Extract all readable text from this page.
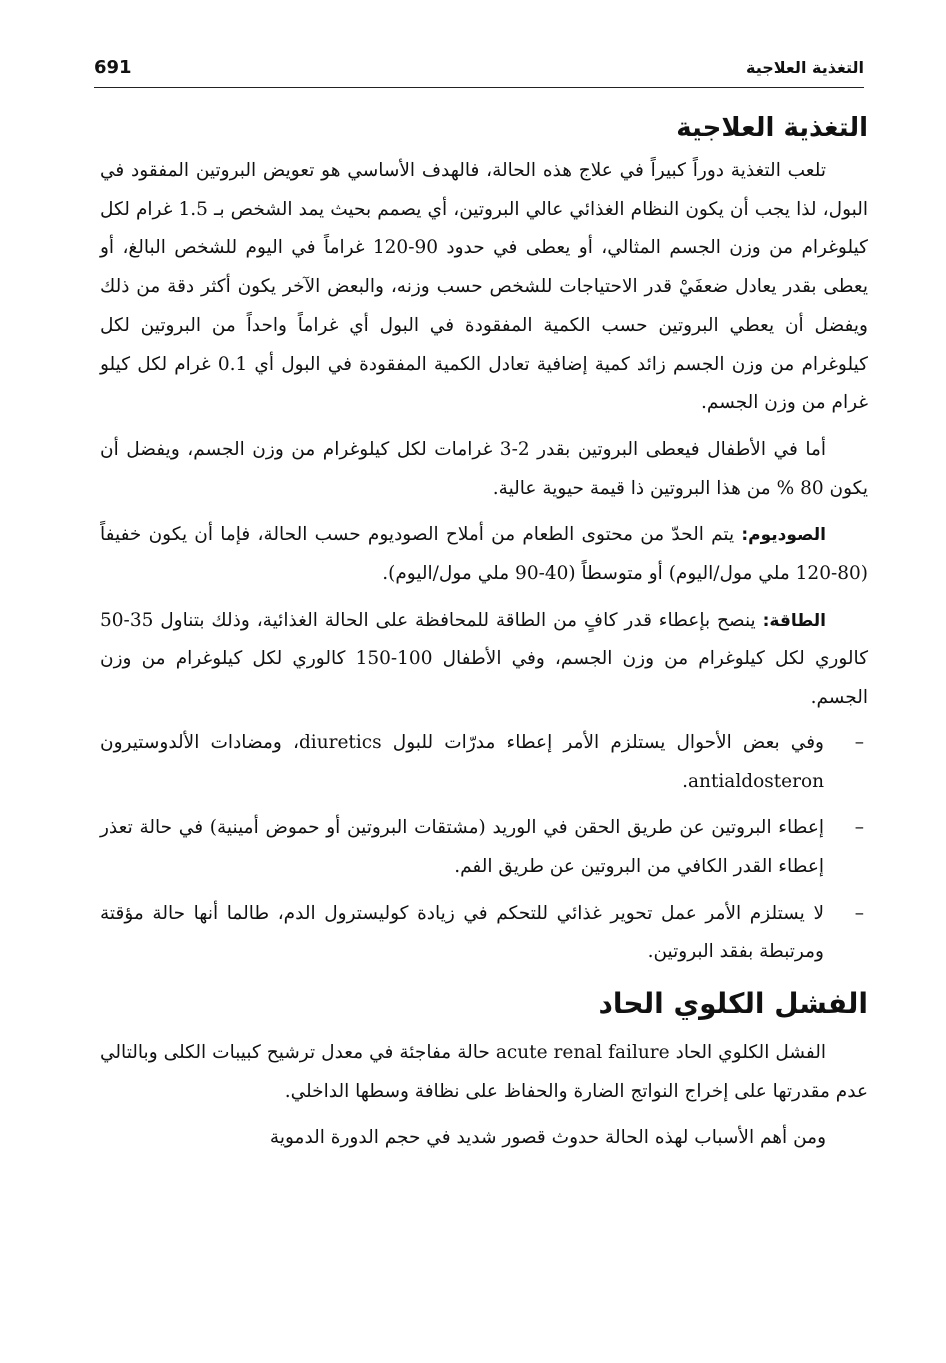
التغذية العلاجية
691
التغذية العلاجية

تلعب التغذية دوراً كبيراً في علاج هذه الحالة، فالهدف الأساسي هو تعويض البروتين المفقود في البول، لذا يجب أن يكون النظام الغذائي عالي البروتين، أي يصمم بحيث يمد الشخص بـ 1.5 غرام لكل كيلوغرام من وزن الجسم المثالي، أو يعطى في حدود 90-120 غراماً في اليوم للشخص البالغ، أو يعطى بقدر يعادل ضعفَيْ قدر الاحتياجات للشخص حسب وزنه، والبعض الآخر يكون أكثر دقة من ذلك ويفضل أن يعطي البروتين حسب الكمية المفقودة في البول أي غراماً واحداً من البروتين لكل كيلوغرام من وزن الجسم زائد كمية إضافية تعادل الكمية المفقودة في البول أي 0.1 غرام لكل كيلو غرام من وزن الجسم.

أما في الأطفال فيعطى البروتين بقدر 2-3 غرامات لكل كيلوغرام من وزن الجسم، ويفضل أن يكون 80 % من هذا البروتين ذا قيمة حيوية عالية.

الصوديوم: يتم الحدّ من محتوى الطعام من أملاح الصوديوم حسب الحالة، فإما أن يكون خفيفاً (80-120 ملي مول/اليوم) أو متوسطاً (40-90 ملي مول/اليوم).

الطاقة: ينصح بإعطاء قدر كافٍ من الطاقة للمحافظة على الحالة الغذائية، وذلك بتناول 35-50 كالوري لكل كيلوغرام من وزن الجسم، وفي الأطفال 100-150 كالوري لكل كيلوغرام من وزن الجسم.

–
وفي بعض الأحوال يستلزم الأمر إعطاء مدرّات للبول diuretics، ومضادات الألدوستيرون antialdosteron.
–
إعطاء البروتين عن طريق الحقن في الوريد (مشتقات البروتين أو حموض أمينية) في حالة تعذر إعطاء القدر الكافي من البروتين عن طريق الفم.
–
لا يستلزم الأمر عمل تحوير غذائي للتحكم في زيادة كوليسترول الدم، طالما أنها حالة مؤقتة ومرتبطة بفقد البروتين.
الفشل الكلوي الحاد

الفشل الكلوي الحاد acute renal failure حالة مفاجئة في معدل ترشيح كبيبات الكلى وبالتالي عدم مقدرتها على إخراج النواتج الضارة والحفاظ على نظافة وسطها الداخلي.

ومن أهم الأسباب لهذه الحالة حدوث قصور شديد في حجم الدورة الدموية
